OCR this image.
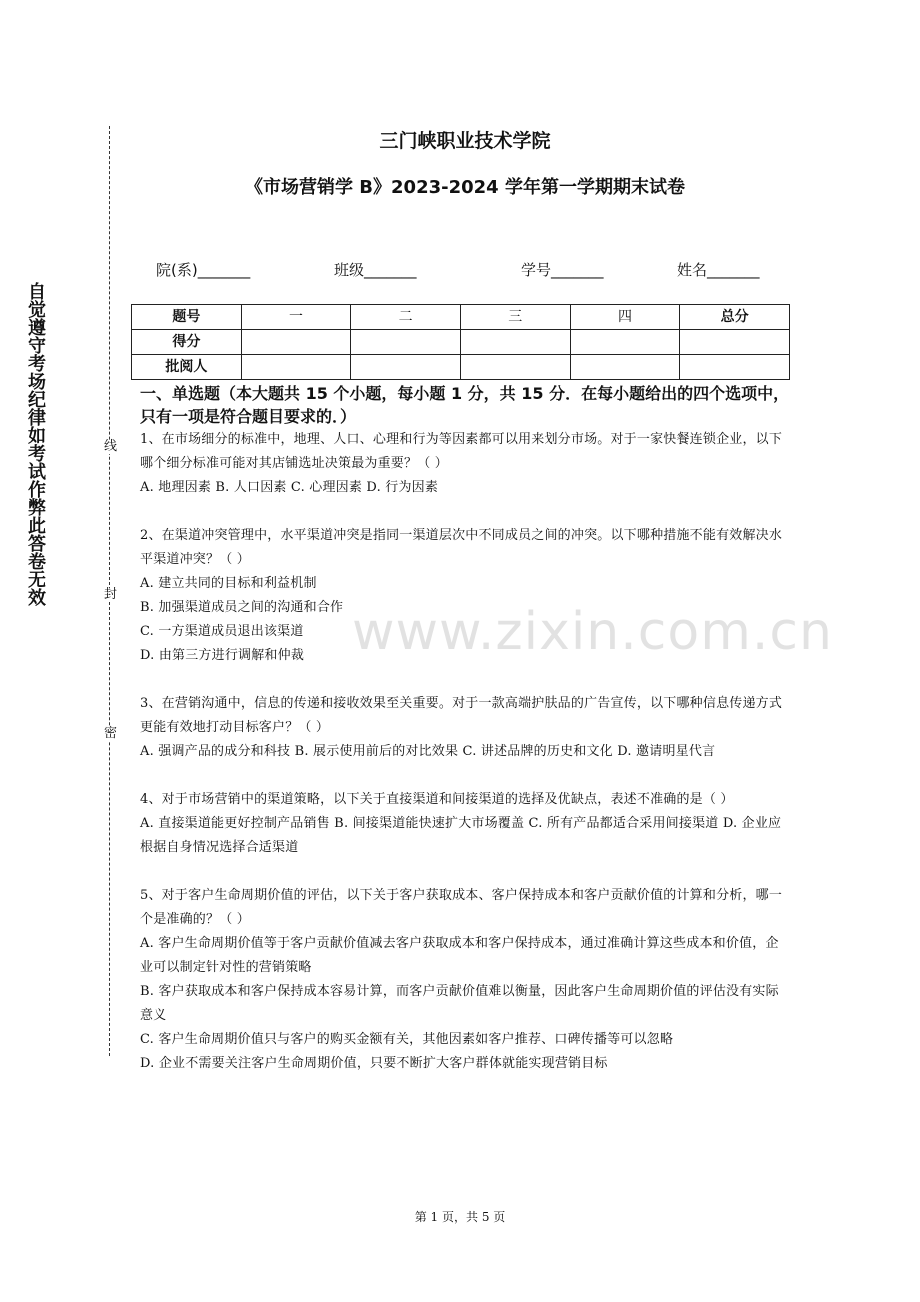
自觉遵守考场纪律如考试作弊此答卷无效	线
封
密
三门峡职业技术学院
《市场营销学 B》2023-2024 学年第一学期期末试卷
院(系)_______	班级_______	学号_______	姓名_______
题号	一	二	三	四	总分
得分					
批阅人					
一、单选题（本大题共 15 个小题，每小题 1 分，共 15 分．在每小题给出的四个选项中，只有一项是符合题目要求的．）

1、在市场细分的标准中，地理、人口、心理和行为等因素都可以用来划分市场。对于一家快餐连锁企业，以下哪个细分标准可能对其店铺选址决策最为重要？（ ）

A. 地理因素 B. 人口因素 C. 心理因素 D. 行为因素

2、在渠道冲突管理中，水平渠道冲突是指同一渠道层次中不同成员之间的冲突。以下哪种措施不能有效解决水平渠道冲突？（ ）

A. 建立共同的目标和利益机制

B. 加强渠道成员之间的沟通和合作

C. 一方渠道成员退出该渠道

D. 由第三方进行调解和仲裁

3、在营销沟通中，信息的传递和接收效果至关重要。对于一款高端护肤品的广告宣传，以下哪种信息传递方式更能有效地打动目标客户？（ ）

A. 强调产品的成分和科技 B. 展示使用前后的对比效果 C. 讲述品牌的历史和文化 D. 邀请明星代言

4、对于市场营销中的渠道策略，以下关于直接渠道和间接渠道的选择及优缺点，表述不准确的是（ ）

A. 直接渠道能更好控制产品销售 B. 间接渠道能快速扩大市场覆盖 C. 所有产品都适合采用间接渠道 D. 企业应根据自身情况选择合适渠道

5、对于客户生命周期价值的评估，以下关于客户获取成本、客户保持成本和客户贡献价值的计算和分析，哪一个是准确的？（ ）

A. 客户生命周期价值等于客户贡献价值减去客户获取成本和客户保持成本，通过准确计算这些成本和价值，企业可以制定针对性的营销策略

B. 客户获取成本和客户保持成本容易计算，而客户贡献价值难以衡量，因此客户生命周期价值的评估没有实际意义

C. 客户生命周期价值只与客户的购买金额有关，其他因素如客户推荐、口碑传播等可以忽略

D. 企业不需要关注客户生命周期价值，只要不断扩大客户群体就能实现营销目标

www.zixin.com.cn
第 1 页，共 5 页
